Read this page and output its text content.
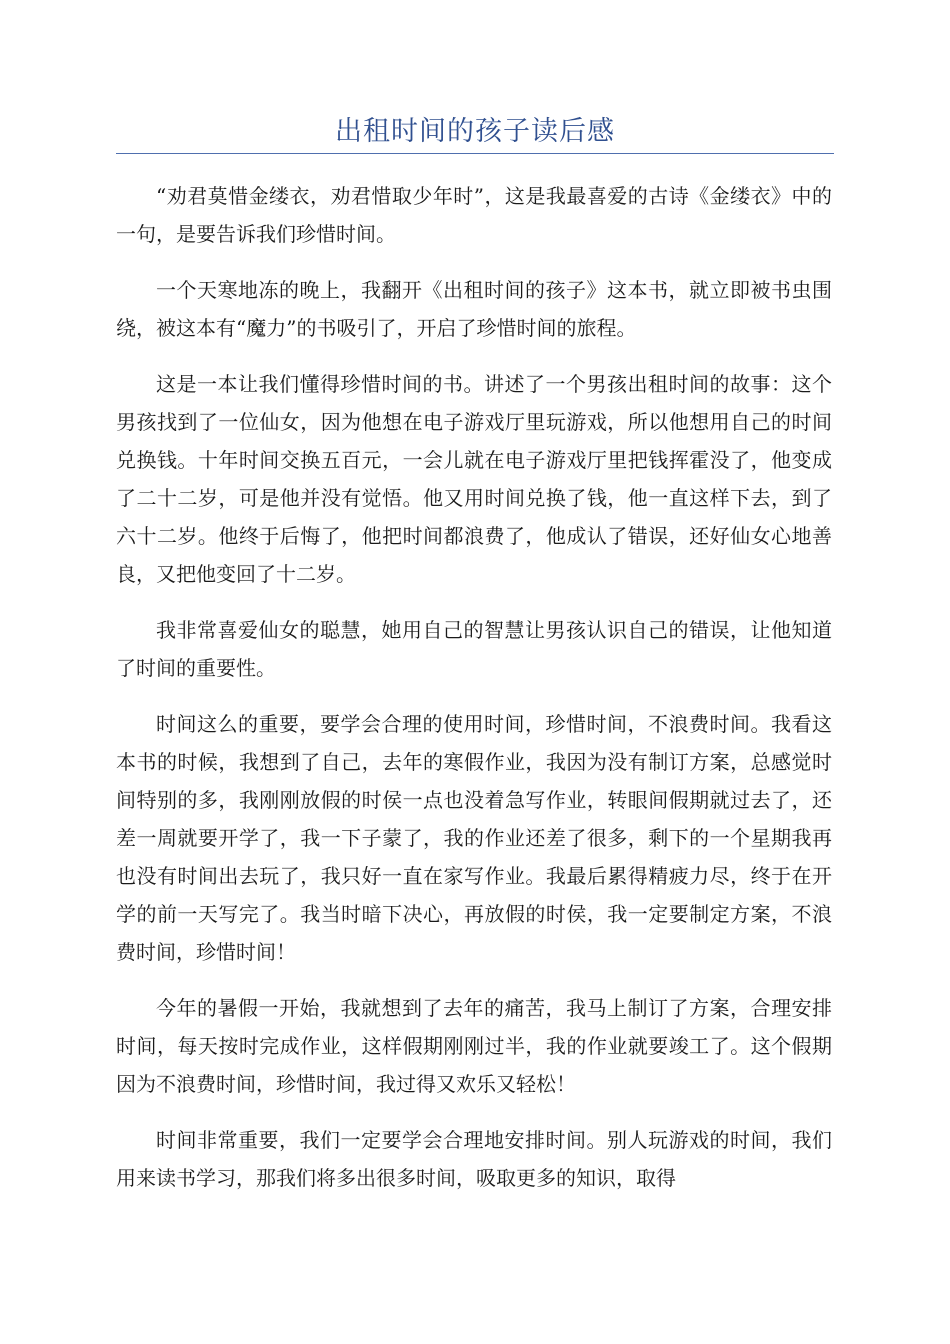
出租时间的孩子读后感

“劝君莫惜金缕衣，劝君惜取少年时”，这是我最喜爱的古诗《金缕衣》中的一句，是要告诉我们珍惜时间。

一个天寒地冻的晚上，我翻开《出租时间的孩子》这本书，就立即被书虫围绕，被这本有“魔力”的书吸引了，开启了珍惜时间的旅程。

这是一本让我们懂得珍惜时间的书。讲述了一个男孩出租时间的故事：这个男孩找到了一位仙女，因为他想在电子游戏厅里玩游戏，所以他想用自己的时间兑换钱。十年时间交换五百元，一会儿就在电子游戏厅里把钱挥霍没了，他变成了二十二岁，可是他并没有觉悟。他又用时间兑换了钱，他一直这样下去，到了六十二岁。他终于后悔了，他把时间都浪费了，他成认了错误，还好仙女心地善良，又把他变回了十二岁。

我非常喜爱仙女的聪慧，她用自己的智慧让男孩认识自己的错误，让他知道了时间的重要性。

时间这么的重要，要学会合理的使用时间，珍惜时间，不浪费时间。我看这本书的时候，我想到了自己，去年的寒假作业，我因为没有制订方案，总感觉时间特别的多，我刚刚放假的时侯一点也没着急写作业，转眼间假期就过去了，还差一周就要开学了，我一下子蒙了，我的作业还差了很多，剩下的一个星期我再也没有时间出去玩了，我只好一直在家写作业。我最后累得精疲力尽，终于在开学的前一天写完了。我当时暗下决心，再放假的时侯，我一定要制定方案，不浪费时间，珍惜时间！

今年的暑假一开始，我就想到了去年的痛苦，我马上制订了方案，合理安排时间，每天按时完成作业，这样假期刚刚过半，我的作业就要竣工了。这个假期因为不浪费时间，珍惜时间，我过得又欢乐又轻松！

时间非常重要，我们一定要学会合理地安排时间。别人玩游戏的时间，我们用来读书学习，那我们将多出很多时间，吸取更多的知识，取得
